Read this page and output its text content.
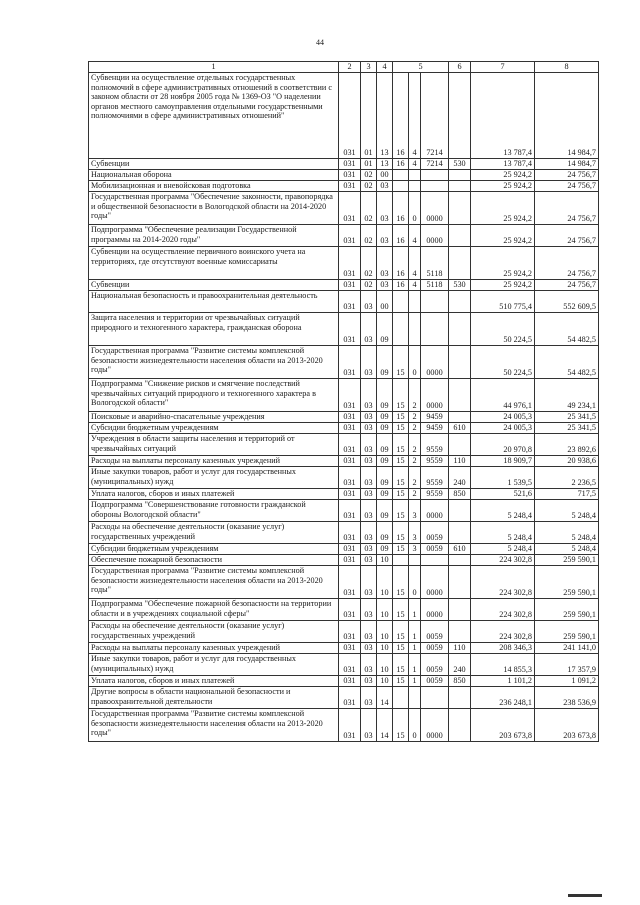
44
1	2	3	4	5			6	7	8
Субвенции на осуществление отдельных государственных полномочий в сфере административных отношений в соответствии с законом области от 28 ноября 2005 года № 1369-ОЗ "О наделении органов местного самоуправления отдельными государственными полномочиями в сфере административных отношений"	031	01	13	16	4	7214		13 787,4	14 984,7
Субвенции	031	01	13	16	4	7214	530	13 787,4	14 984,7
Национальная оборона	031	02	00					25 924,2	24 756,7
Мобилизационная и вневойсковая подготовка	031	02	03					25 924,2	24 756,7
Государственная программа "Обеспечение законности, правопорядка и общественной безопасности в Вологодской области на 2014-2020 годы"	031	02	03	16	0	0000		25 924,2	24 756,7
Подпрограмма "Обеспечение реализации Государственной программы на 2014-2020 годы"	031	02	03	16	4	0000		25 924,2	24 756,7
Субвенции на осуществление первичного воинского учета на территориях, где отсутствуют военные комиссариаты	031	02	03	16	4	5118		25 924,2	24 756,7
Субвенции	031	02	03	16	4	5118	530	25 924,2	24 756,7
Национальная безопасность и правоохранительная деятельность	031	03	00					510 775,4	552 609,5
Защита населения и территории от чрезвычайных ситуаций природного и техногенного характера, гражданская оборона	031	03	09					50 224,5	54 482,5
Государственная программа "Развитие системы комплексной безопасности жизнедеятельности населения области на 2013-2020 годы"	031	03	09	15	0	0000		50 224,5	54 482,5
Подпрограмма "Снижение рисков и смягчение последствий чрезвычайных ситуаций природного и техногенного характера в Вологодской области"	031	03	09	15	2	0000		44 976,1	49 234,1
Поисковые и аварийно-спасательные учреждения	031	03	09	15	2	9459		24 005,3	25 341,5
Субсидии бюджетным учреждениям	031	03	09	15	2	9459	610	24 005,3	25 341,5
Учреждения в области защиты населения и территорий от чрезвычайных ситуаций	031	03	09	15	2	9559		20 970,8	23 892,6
Расходы на выплаты персоналу казенных учреждений	031	03	09	15	2	9559	110	18 909,7	20 938,6
Иные закупки товаров, работ и услуг для государственных (муниципальных) нужд	031	03	09	15	2	9559	240	1 539,5	2 236,5
Уплата налогов, сборов и иных платежей	031	03	09	15	2	9559	850	521,6	717,5
Подпрограмма "Совершенствование готовности гражданской обороны Вологодской области"	031	03	09	15	3	0000		5 248,4	5 248,4
Расходы на обеспечение деятельности (оказание услуг) государственных учреждений	031	03	09	15	3	0059		5 248,4	5 248,4
Субсидии бюджетным учреждениям	031	03	09	15	3	0059	610	5 248,4	5 248,4
Обеспечение пожарной безопасности	031	03	10					224 302,8	259 590,1
Государственная программа "Развитие системы комплексной безопасности жизнедеятельности населения области на 2013-2020 годы"	031	03	10	15	0	0000		224 302,8	259 590,1
Подпрограмма "Обеспечение пожарной безопасности на территории области и в учреждениях социальной сферы"	031	03	10	15	1	0000		224 302,8	259 590,1
Расходы на обеспечение деятельности (оказание услуг) государственных учреждений	031	03	10	15	1	0059		224 302,8	259 590,1
Расходы на выплаты персоналу казенных учреждений	031	03	10	15	1	0059	110	208 346,3	241 141,0
Иные закупки товаров, работ и услуг для государственных (муниципальных) нужд	031	03	10	15	1	0059	240	14 855,3	17 357,9
Уплата налогов, сборов и иных платежей	031	03	10	15	1	0059	850	1 101,2	1 091,2
Другие вопросы в области национальной безопасности и правоохранительной деятельности	031	03	14					236 248,1	238 536,9
Государственная программа "Развитие системы комплексной безопасности жизнедеятельности населения области на 2013-2020 годы"	031	03	14	15	0	0000		203 673,8	203 673,8
